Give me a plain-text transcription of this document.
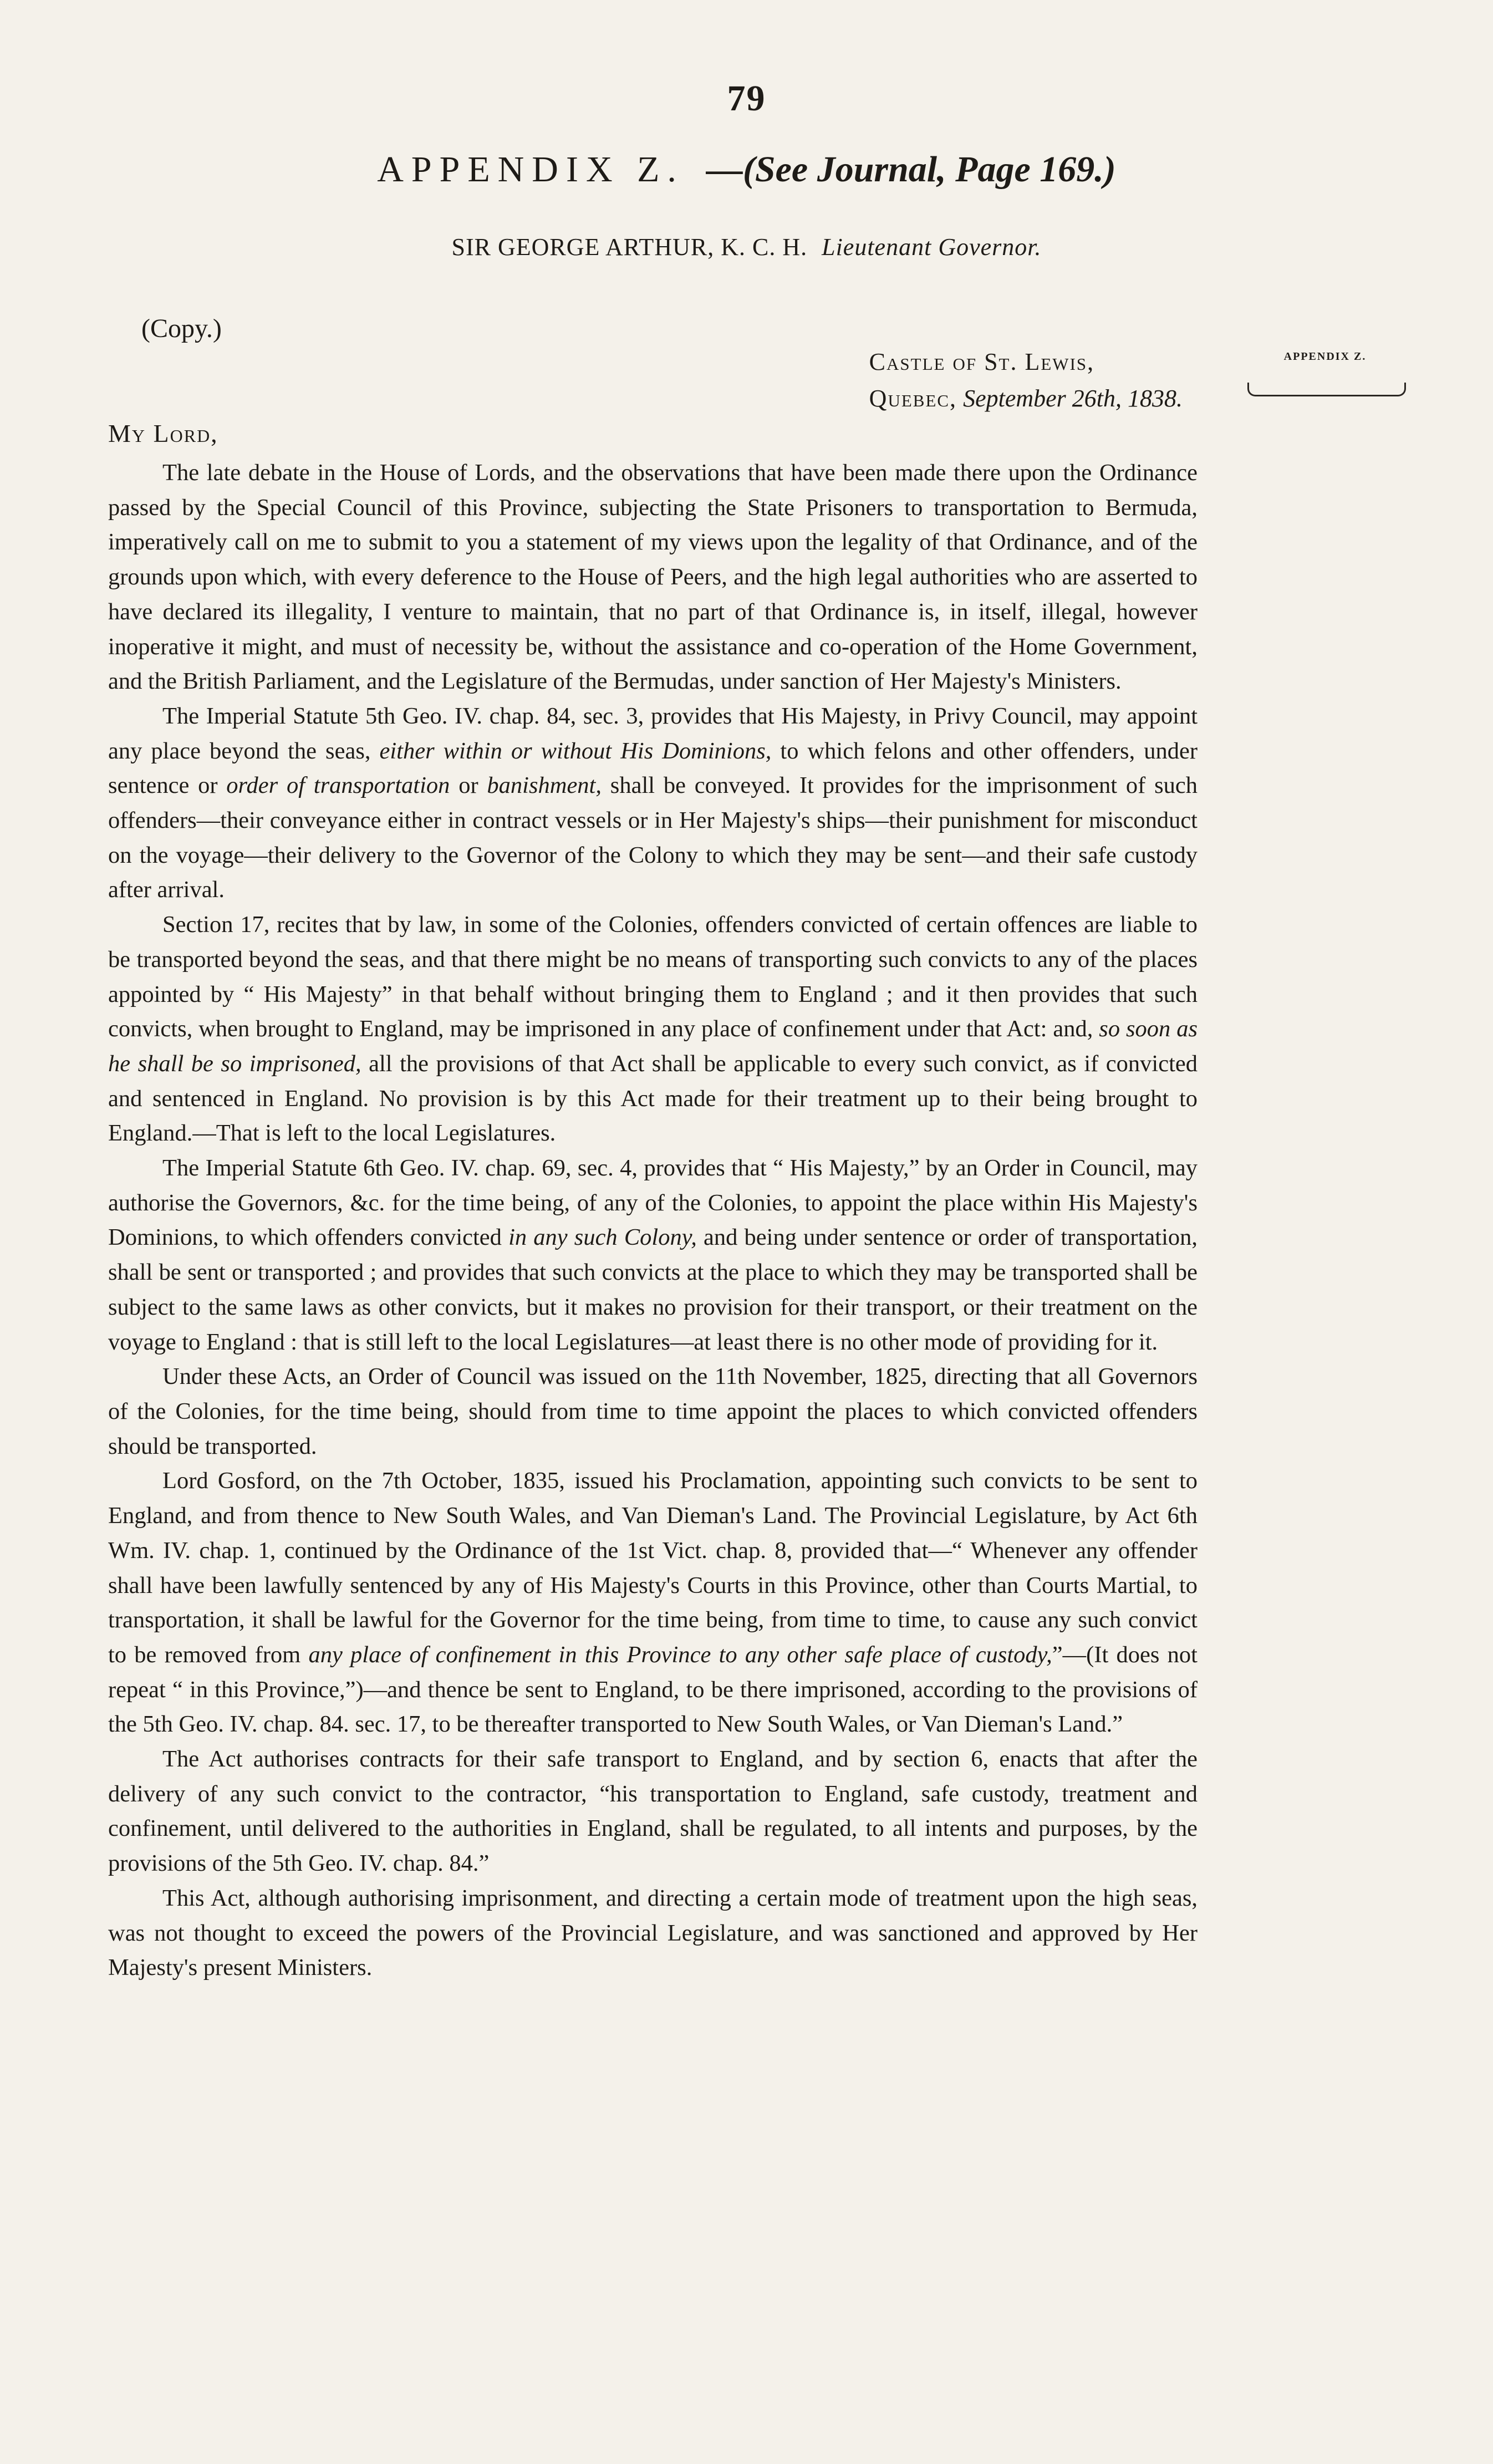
79
APPENDIX Z. —(See Journal, Page 169.)
SIR GEORGE ARTHUR, K. C. H. Lieutenant Governor.
(Copy.)
APPENDIX Z.
Castle of St. Lewis,
Quebec, September 26th, 1838.
My Lord,

The late debate in the House of Lords, and the observations that have been made there upon the Ordinance passed by the Special Council of this Province, subjecting the State Prisoners to transportation to Bermuda, imperatively call on me to submit to you a statement of my views upon the legality of that Ordinance, and of the grounds upon which, with every deference to the House of Peers, and the high legal authorities who are asserted to have declared its illegality, I venture to maintain, that no part of that Ordinance is, in itself, illegal, however inoperative it might, and must of necessity be, without the assistance and co-operation of the Home Government, and the British Parliament, and the Legislature of the Bermudas, under sanction of Her Majesty's Ministers.

The Imperial Statute 5th Geo. IV. chap. 84, sec. 3, provides that His Majesty, in Privy Council, may appoint any place beyond the seas, either within or without His Dominions, to which felons and other offenders, under sentence or order of transportation or banishment, shall be conveyed. It provides for the imprisonment of such offenders—their conveyance either in contract vessels or in Her Majesty's ships—their punishment for misconduct on the voyage—their delivery to the Governor of the Colony to which they may be sent—and their safe custody after arrival.

Section 17, recites that by law, in some of the Colonies, offenders convicted of certain offences are liable to be transported beyond the seas, and that there might be no means of transporting such convicts to any of the places appointed by “ His Majesty” in that behalf without bringing them to England ; and it then provides that such convicts, when brought to England, may be imprisoned in any place of confinement under that Act: and, so soon as he shall be so imprisoned, all the provisions of that Act shall be applicable to every such convict, as if convicted and sentenced in England. No provision is by this Act made for their treatment up to their being brought to England.—That is left to the local Legislatures.

The Imperial Statute 6th Geo. IV. chap. 69, sec. 4, provides that “ His Majesty,” by an Order in Council, may authorise the Governors, &c. for the time being, of any of the Colonies, to appoint the place within His Majesty's Dominions, to which offenders convicted in any such Colony, and being under sentence or order of transportation, shall be sent or transported ; and provides that such convicts at the place to which they may be transported shall be subject to the same laws as other convicts, but it makes no provision for their transport, or their treatment on the voyage to England : that is still left to the local Legislatures—at least there is no other mode of providing for it.

Under these Acts, an Order of Council was issued on the 11th November, 1825, directing that all Governors of the Colonies, for the time being, should from time to time appoint the places to which convicted offenders should be transported.

Lord Gosford, on the 7th October, 1835, issued his Proclamation, appointing such convicts to be sent to England, and from thence to New South Wales, and Van Dieman's Land. The Provincial Legislature, by Act 6th Wm. IV. chap. 1, continued by the Ordinance of the 1st Vict. chap. 8, provided that—“ Whenever any offender shall have been lawfully sentenced by any of His Majesty's Courts in this Province, other than Courts Martial, to transportation, it shall be lawful for the Governor for the time being, from time to time, to cause any such convict to be removed from any place of confinement in this Province to any other safe place of custody,”—(It does not repeat “ in this Province,”)—and thence be sent to England, to be there imprisoned, according to the provisions of the 5th Geo. IV. chap. 84. sec. 17, to be thereafter transported to New South Wales, or Van Dieman's Land.”

The Act authorises contracts for their safe transport to England, and by section 6, enacts that after the delivery of any such convict to the contractor, “his transportation to England, safe custody, treatment and confinement, until delivered to the authorities in England, shall be regulated, to all intents and purposes, by the provisions of the 5th Geo. IV. chap. 84.”

This Act, although authorising imprisonment, and directing a certain mode of treatment upon the high seas, was not thought to exceed the powers of the Provincial Legislature, and was sanctioned and approved by Her Majesty's present Ministers.
